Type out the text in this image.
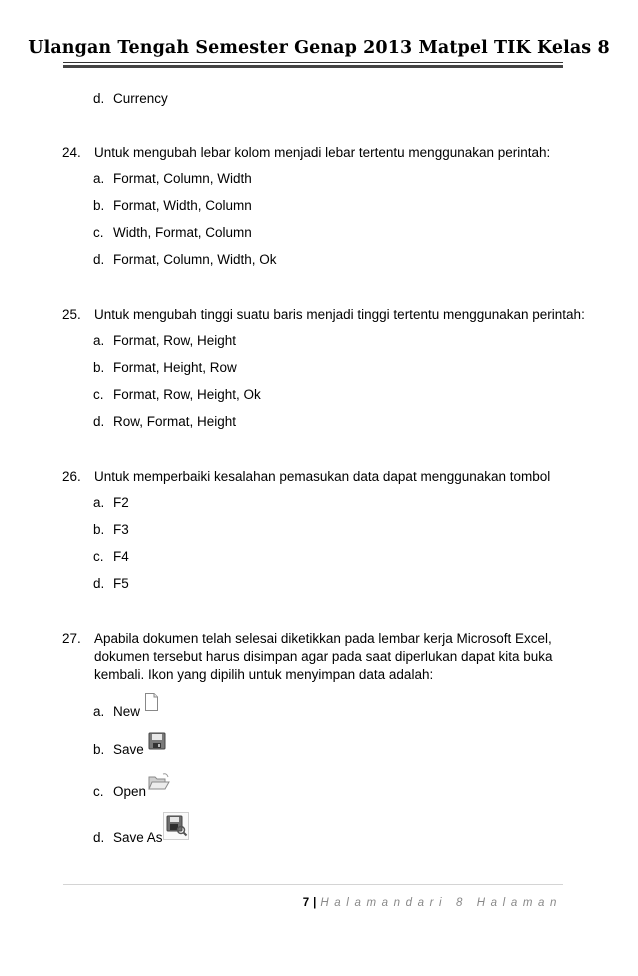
Ulangan Tengah Semester Genap 2013 Matpel TIK Kelas 8
d. Currency
24. Untuk mengubah lebar kolom menjadi lebar tertentu menggunakan perintah:
a. Format, Column, Width
b. Format, Width, Column
c. Width, Format, Column
d. Format, Column, Width, Ok
25. Untuk mengubah tinggi suatu baris menjadi tinggi tertentu menggunakan perintah:
a. Format, Row, Height
b. Format, Height, Row
c. Format, Row, Height, Ok
d. Row, Format, Height
26. Untuk memperbaiki kesalahan pemasukan data dapat menggunakan tombol
a. F2
b. F3
c. F4
d. F5
27. Apabila dokumen telah selesai diketikkan pada lembar kerja Microsoft Excel,
dokumen tersebut harus disimpan agar pada saat diperlukan dapat kita buka
kembali. Ikon yang dipilih untuk menyimpan data adalah:
a. New
b. Save
c. Open
d. Save As
7 | Halamandari 8 Halaman
